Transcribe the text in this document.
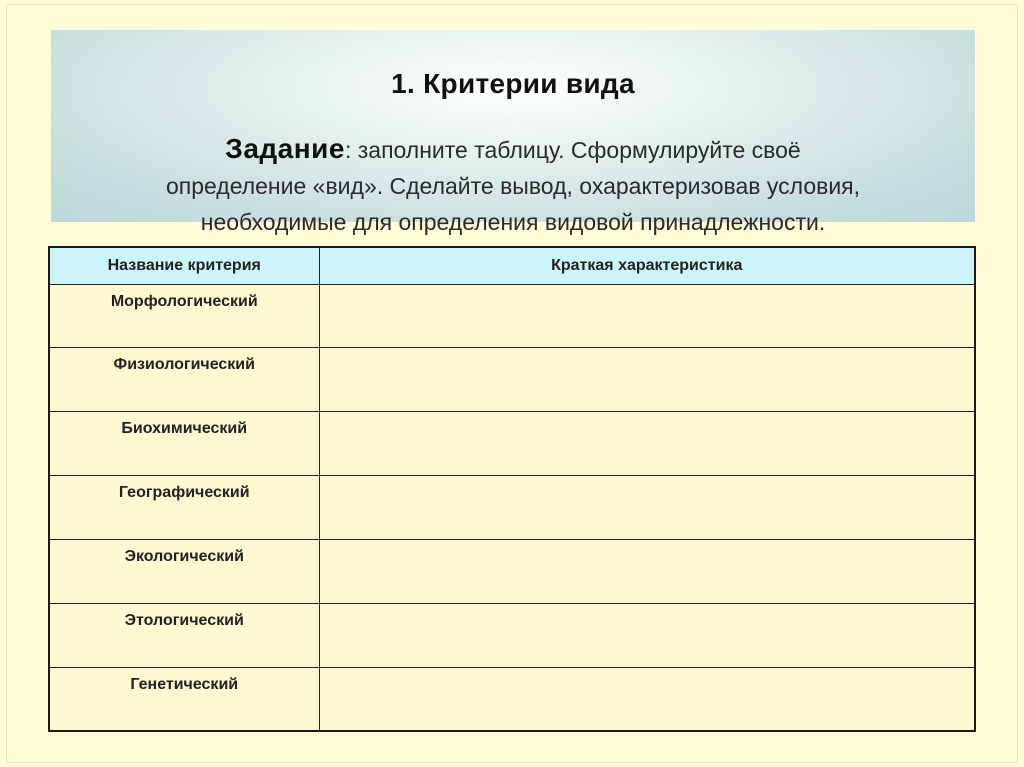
1. Критерии вида
Задание: заполните таблицу. Сформулируйте своё
определение «вид». Сделайте вывод, охарактеризовав условия,
необходимые для определения видовой принадлежности.
Название критерия	Краткая характеристика
Морфологический	
Физиологический	
Биохимический	
Географический	
Экологический	
Этологический	
Генетический	
